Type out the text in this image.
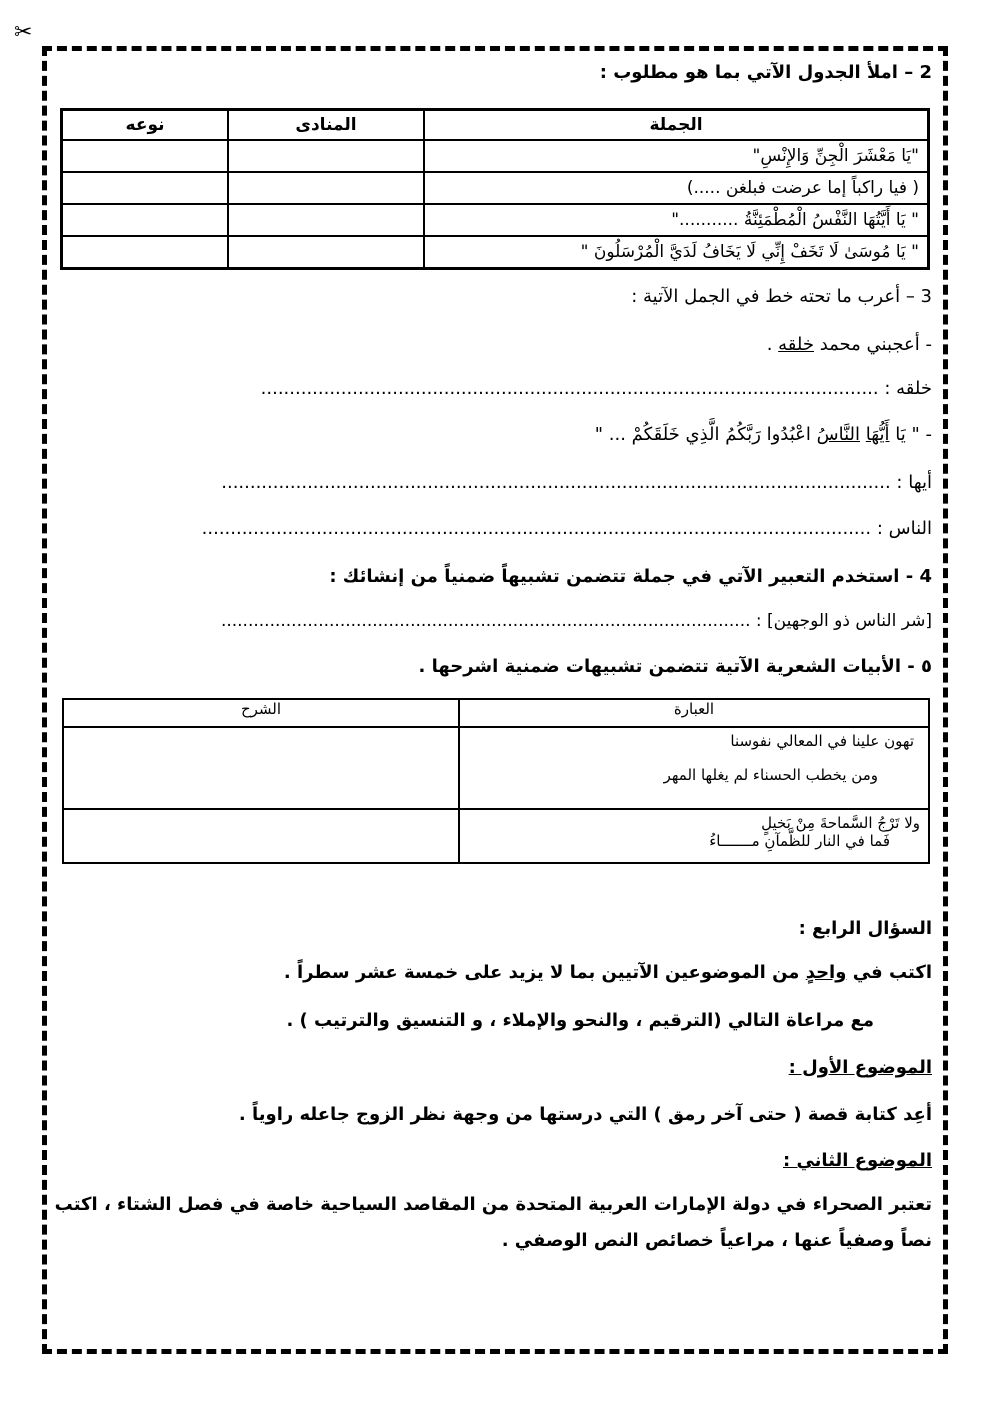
✂
2 – املأ الجدول الآتي بما هو مطلوب :
الجملة	المنادى	نوعه
"يَا مَعْشَرَ الْجِنِّ وَالإِنْسِ"		
( فيا راكباً إما عرضت فبلغن .....)		
" يَا أَيَّتُهَا النَّفْسُ الْمُطْمَئِنَّةُ ..........."		
" يَا مُوسَىٰ لَا تَخَفْ إِنِّي لَا يَخَافُ لَدَيَّ الْمُرْسَلُونَ "		
3 – أعرب ما تحته خط في الجمل الآتية :
- أعجبني محمد خلقه .
خلقه : ............................................................................................................
- " يَا أَيُّهَا النَّاسُ اعْبُدُوا رَبَّكُمُ الَّذِي خَلَقَكُمْ ... "
أيها : .....................................................................................................................
الناس : .....................................................................................................................
4 - استخدم التعبير الآتي في جملة تتضمن تشبيهاً ضمنياً من إنشائك :
[شر الناس ذو الوجهين] : ..................................................................................................
٥ - الأبيات الشعرية الآتية تتضمن تشبيهات ضمنية اشرحها .
العبارة	الشرح

تهون علينا في المعالي نفوسنا
ومن يخطب الحسناء لم يغلها المهر	

ولا تَرْجُ السَّماحةَ مِنْ بَخيلٍ
فَما في النار للظَّمآنِ مـــــــاءُ	

السؤال الرابع :
اكتب في واحدٍ من الموضوعين الآتيين بما لا يزيد على خمسة عشر سطراً .
مع مراعاة التالي (الترقيم ، والنحو والإملاء ، و التنسيق والترتيب ) .
الموضوع الأول :
أعِد كتابة قصة ( حتى آخر رمق ) التي درستها من وجهة نظر الزوج جاعله راوياً .
الموضوع الثاني :
تعتبر الصحراء في دولة الإمارات العربية المتحدة من المقاصد السياحية خاصة في فصل الشتاء ، اكتب
نصاً وصفياً عنها ، مراعياً خصائص النص الوصفي .
